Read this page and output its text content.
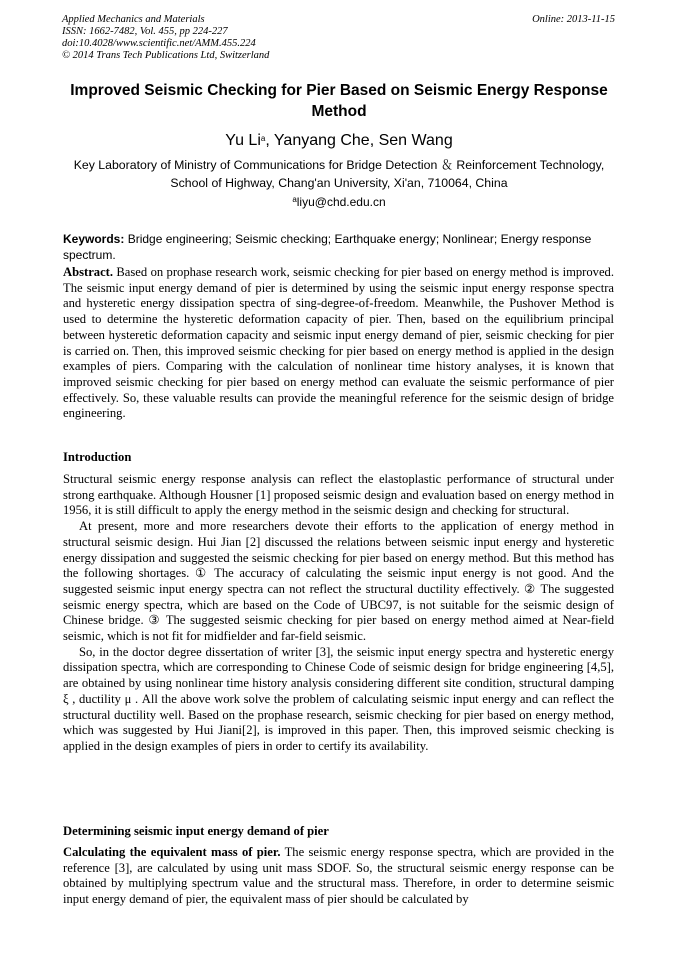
Applied Mechanics and Materials
ISSN: 1662-7482, Vol. 455, pp 224-227
doi:10.4028/www.scientific.net/AMM.455.224
© 2014 Trans Tech Publications Ltd, Switzerland
Online: 2013-11-15
Improved Seismic Checking for Pier Based on Seismic Energy Response Method
Yu Li$^a$, Yanyang Che, Sen Wang
Key Laboratory of Ministry of Communications for Bridge Detection ＆ Reinforcement Technology, School of Highway, Chang'an University, Xi'an, 710064, China
$^a$liyu@chd.edu.cn
Keywords: Bridge engineering; Seismic checking; Earthquake energy; Nonlinear; Energy response spectrum.
Abstract. Based on prophase research work, seismic checking for pier based on energy method is improved. The seismic input energy demand of pier is determined by using the seismic input energy response spectra and hysteretic energy dissipation spectra of sing-degree-of-freedom. Meanwhile, the Pushover Method is used to determine the hysteretic deformation capacity of pier. Then, based on the equilibrium principal between hysteretic deformation capacity and seismic input energy demand of pier, seismic checking for pier is carried on. Then, this improved seismic checking for pier based on energy method is applied in the design examples of piers. Comparing with the calculation of nonlinear time history analyses, it is known that improved seismic checking for pier based on energy method can evaluate the seismic performance of pier effectively. So, these valuable results can provide the meaningful reference for the seismic design of bridge engineering.
Introduction

Structural seismic energy response analysis can reflect the elastoplastic performance of structural under strong earthquake. Although Housner [1] proposed seismic design and evaluation based on energy method in 1956, it is still difficult to apply the energy method in the seismic design and checking for structural.

At present, more and more researchers devote their efforts to the application of energy method in structural seismic design. Hui Jian [2] discussed the relations between seismic input energy and hysteretic energy dissipation and suggested the seismic checking for pier based on energy method. But this method has the following shortages. ① The accuracy of calculating the seismic input energy is not good. And the suggested seismic input energy spectra can not reflect the structural ductility effectively. ② The suggested seismic energy spectra, which are based on the Code of UBC97, is not suitable for the seismic design of Chinese bridge. ③ The suggested seismic checking for pier based on energy method aimed at Near-field seismic, which is not fit for midfielder and far-field seismic.

So, in the doctor degree dissertation of writer [3], the seismic input energy spectra and hysteretic energy dissipation spectra, which are corresponding to Chinese Code of seismic design for bridge engineering [4,5], are obtained by using nonlinear time history analysis considering different site condition, structural damping ξ , ductility μ . All the above work solve the problem of calculating seismic input energy and can reflect the structural ductility well. Based on the prophase research, seismic checking for pier based on energy method, which was suggested by Hui Jiani[2], is improved in this paper. Then, this improved seismic checking is applied in the design examples of piers in order to certify its availability.

Determining seismic input energy demand of pier

Calculating the equivalent mass of pier. The seismic energy response spectra, which are provided in the reference [3], are calculated by using unit mass SDOF. So, the structural seismic energy response can be obtained by multiplying spectrum value and the structural mass. Therefore, in order to determine seismic input energy demand of pier, the equivalent mass of pier should be calculated by
